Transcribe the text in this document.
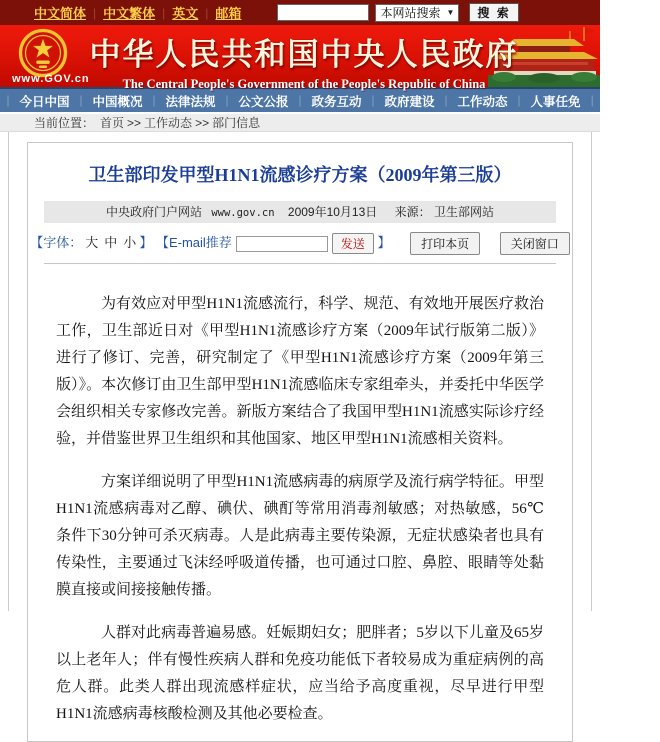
中文简体 | 中文繁体 | 英文 | 邮箱	本网站搜索 ▼	搜 索
www.GOV.cn
中华人民共和国中央人民政府
The Central People's Government of the People's Republic of China
｜ 今日中国 ｜ 中国概况 ｜ 法律法规 ｜ 公文公报 ｜ 政务互动 ｜ 政府建设 ｜ 工作动态 ｜ 人事任免 ｜ 新闻发布
当前位置： 首页 >> 工作动态 >> 部门信息
卫生部印发甲型H1N1流感诊疗方案（2009年第三版）
中央政府门户网站 www.gov.cn 2009年10月13日 来源： 卫生部网站
【字体： 大 中 小 】 【E-mail推荐	发送 】	打印本页	关闭窗口

为有效应对甲型H1N1流感流行，科学、规范、有效地开展医疗救治工作，卫生部近日对《甲型H1N1流感诊疗方案（2009年试行版第二版）》进行了修订、完善，研究制定了《甲型H1N1流感诊疗方案（2009年第三版）》。本次修订由卫生部甲型H1N1流感临床专家组牵头，并委托中华医学会组织相关专家修改完善。新版方案结合了我国甲型H1N1流感实际诊疗经验，并借鉴世界卫生组织和其他国家、地区甲型H1N1流感相关资料。

方案详细说明了甲型H1N1流感病毒的病原学及流行病学特征。甲型H1N1流感病毒对乙醇、碘伏、碘酊等常用消毒剂敏感；对热敏感，56℃条件下30分钟可杀灭病毒。人是此病毒主要传染源，无症状感染者也具有传染性，主要通过飞沫经呼吸道传播，也可通过口腔、鼻腔、眼睛等处黏膜直接或间接接触传播。

人群对此病毒普遍易感。妊娠期妇女；肥胖者；5岁以下儿童及65岁以上老年人；伴有慢性疾病人群和免疫功能低下者较易成为重症病例的高危人群。此类人群出现流感样症状，应当给予高度重视，尽早进行甲型H1N1流感病毒核酸检测及其他必要检查。
